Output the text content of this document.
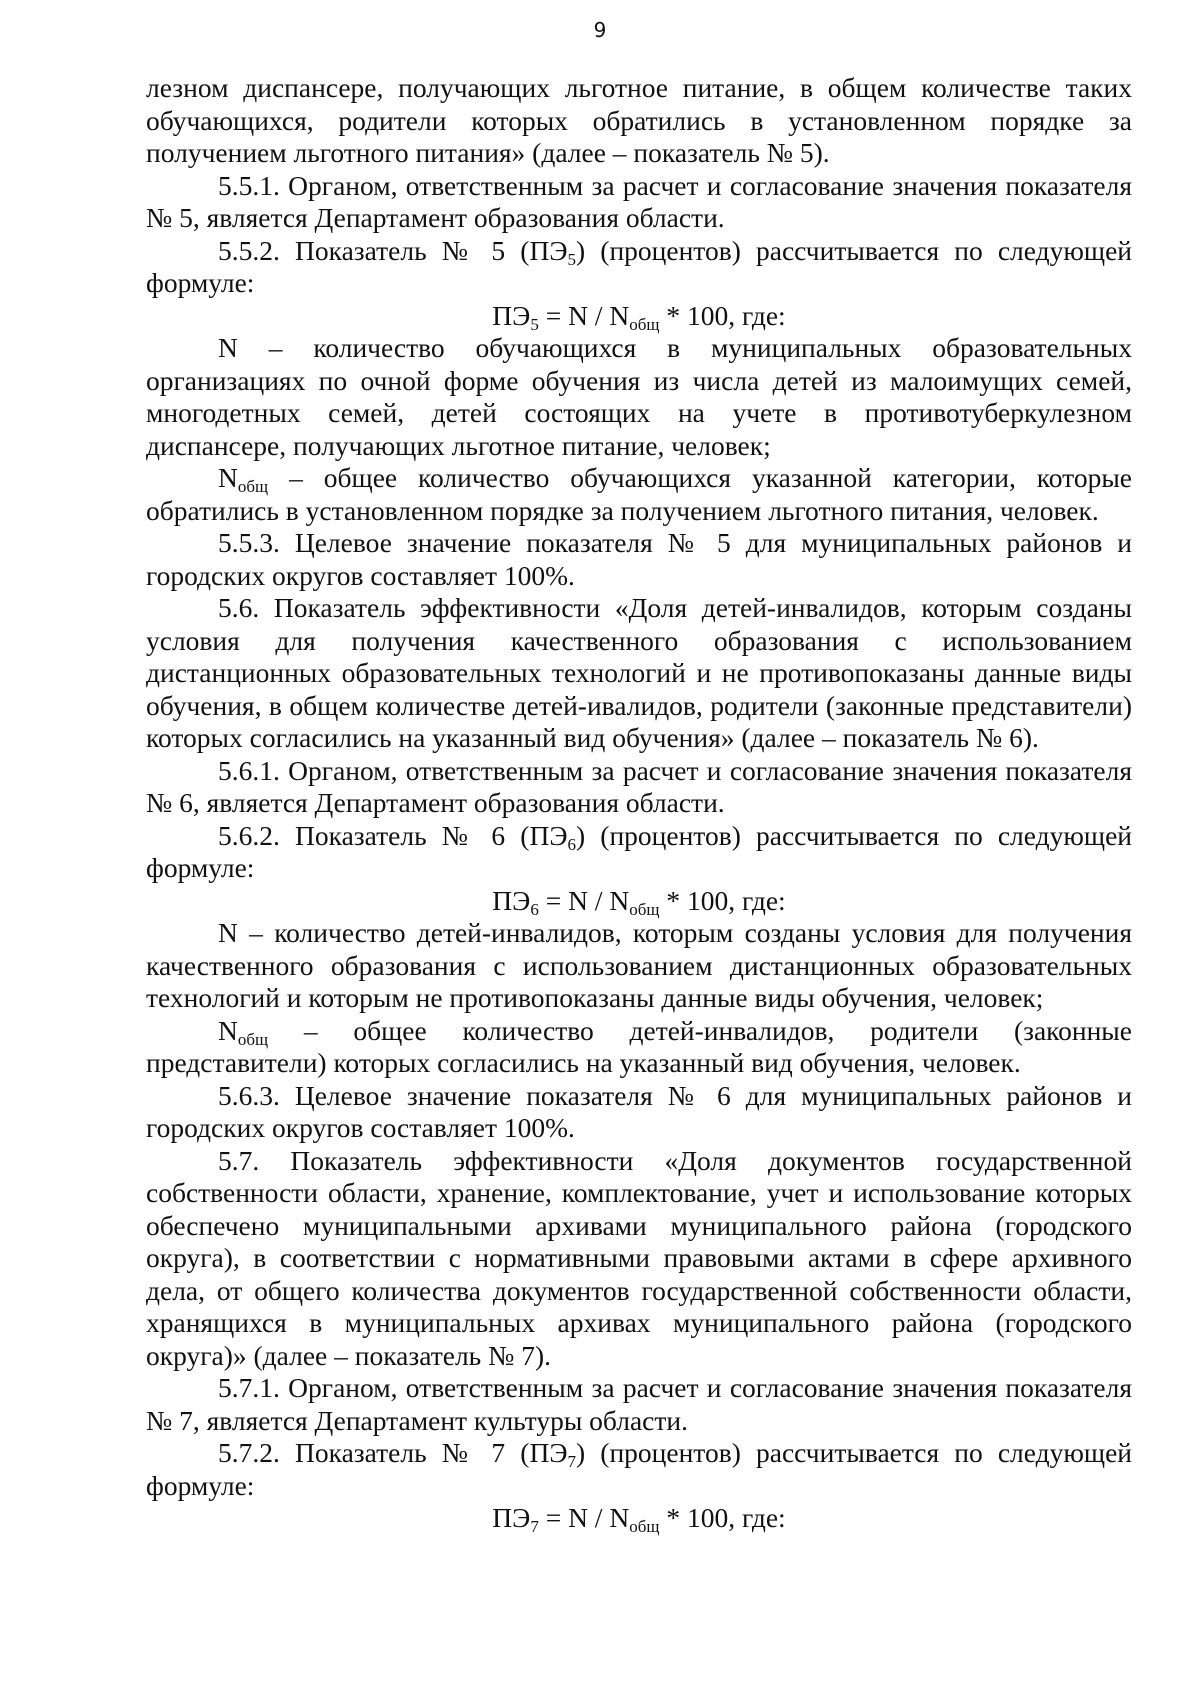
9

лезном диспансере, получающих льготное питание, в общем количестве таких обучающихся, родители которых обратились в установленном порядке за получением льготного питания» (далее – показатель № 5).

5.5.1. Органом, ответственным за расчет и согласование значения показателя № 5, является Департамент образования области.

5.5.2. Показатель № 5 $(ПЭ_5)$ (процентов) рассчитывается по следующей формуле:

$ПЭ_5 = N / N_{общ} * 100$, где:

N – количество обучающихся в муниципальных образовательных организациях по очной форме обучения из числа детей из малоимущих семей, многодетных семей, детей состоящих на учете в противотуберкулезном диспансере, получающих льготное питание, человек;

$N_{общ}$ – общее количество обучающихся указанной категории, которые обратились в установленном порядке за получением льготного питания, человек.

5.5.3. Целевое значение показателя № 5 для муниципальных районов и городских округов составляет 100%.

5.6. Показатель эффективности «Доля детей-инвалидов, которым созданы условия для получения качественного образования с использованием дистанционных образовательных технологий и не противопоказаны данные виды обучения, в общем количестве детей-ивалидов, родители (законные представители) которых согласились на указанный вид обучения» (далее – показатель № 6).

5.6.1. Органом, ответственным за расчет и согласование значения показателя № 6, является Департамент образования области.

5.6.2. Показатель № 6 $(ПЭ_6)$ (процентов) рассчитывается по следующей формуле:

$ПЭ_6 = N / N_{общ} * 100$, где:

N – количество детей-инвалидов, которым созданы условия для получения качественного образования с использованием дистанционных образовательных технологий и которым не противопоказаны данные виды обучения, человек;

$N_{общ}$ – общее количество детей-инвалидов, родители (законные представители) которых согласились на указанный вид обучения, человек.

5.6.3. Целевое значение показателя № 6 для муниципальных районов и городских округов составляет 100%.

5.7. Показатель эффективности «Доля документов государственной собственности области, хранение, комплектование, учет и использование которых обеспечено муниципальными архивами муниципального района (городского округа), в соответствии с нормативными правовыми актами в сфере архивного дела, от общего количества документов государственной собственности области, хранящихся в муниципальных архивах муниципального района (городского округа)» (далее – показатель № 7).

5.7.1. Органом, ответственным за расчет и согласование значения показателя № 7, является Департамент культуры области.

5.7.2. Показатель № 7 $(ПЭ_7)$ (процентов) рассчитывается по следующей формуле:

$ПЭ_7 = N / N_{общ} * 100$, где:
